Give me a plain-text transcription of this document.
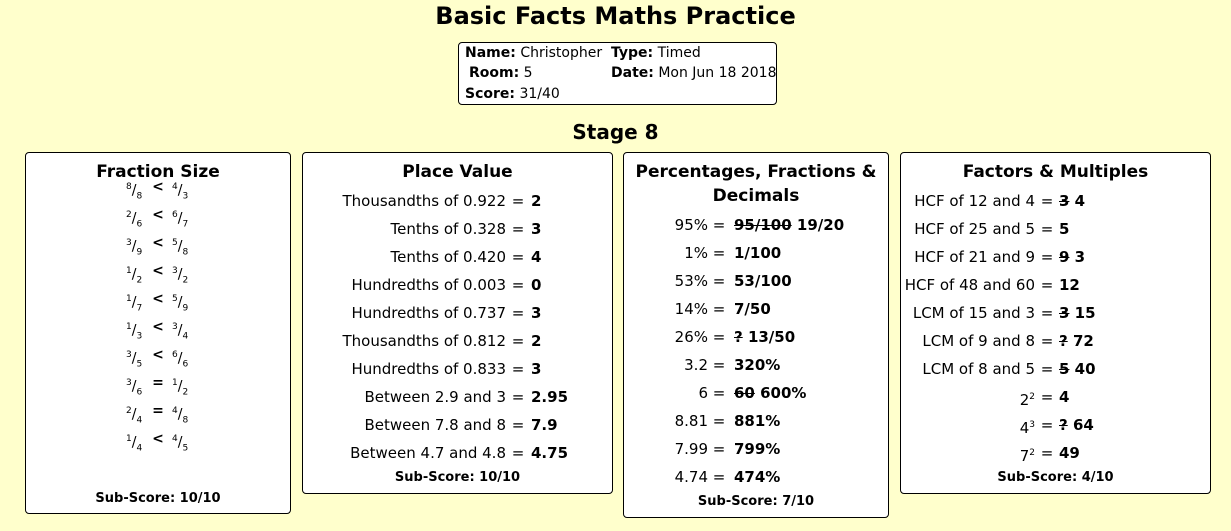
Basic Facts Maths Practice
Name: Christopher Type: Timed
Room: 5	Date: Mon Jun 18 2018
Score: 31/40
Stage 8
Fraction Size
$^8/_8$
< $^4/_3$
$^2/_6$
< $^6/_7$
$^3/_9$
< $^5/_8$
$^1/_2$
< $^3/_2$
$^1/_7$
< $^5/_9$
$^1/_3$
< $^3/_4$
$^3/_5$
< $^6/_6$
$^3/_6$
= $^1/_2$
$^2/_4$
= $^4/_8$
$^1/_4$
< $^4/_5$
Sub-Score: 10/10
Place Value
Thousandths of 0.922 = 2
Tenths of 0.328 = 3
Tenths of 0.420 = 4
Hundredths of 0.003 = 0
Hundredths of 0.737 = 3
Thousandths of 0.812 = 2
Hundredths of 0.833 = 3
Between 2.9 and 3 = 2.95
Between 7.8 and 8 = 7.9
Between 4.7 and 4.8 = 4.75
Sub-Score: 10/10
Percentages, Fractions &
Decimals
95% = 95/100 19/20
1% = 1/100
53% = 53/100
14% = 7/50
26% = ? 13/50
3.2 = 320%
6 = 60 600%
8.81 = 881%
7.99 = 799%
4.74 = 474%
Sub-Score: 7/10
Factors & Multiples
HCF of 12 and 4 = 3 4
HCF of 25 and 5 = 5
HCF of 21 and 9 = 9 3
HCF of 48 and 60 = 12
LCM of 15 and 3 = 3 15
LCM of 9 and 8 = ? 72
LCM of 8 and 5 = 5 40
$2^2 = 4$
$4^3$ = ? 64
$7^2 = 49$
Sub-Score: 4/10
